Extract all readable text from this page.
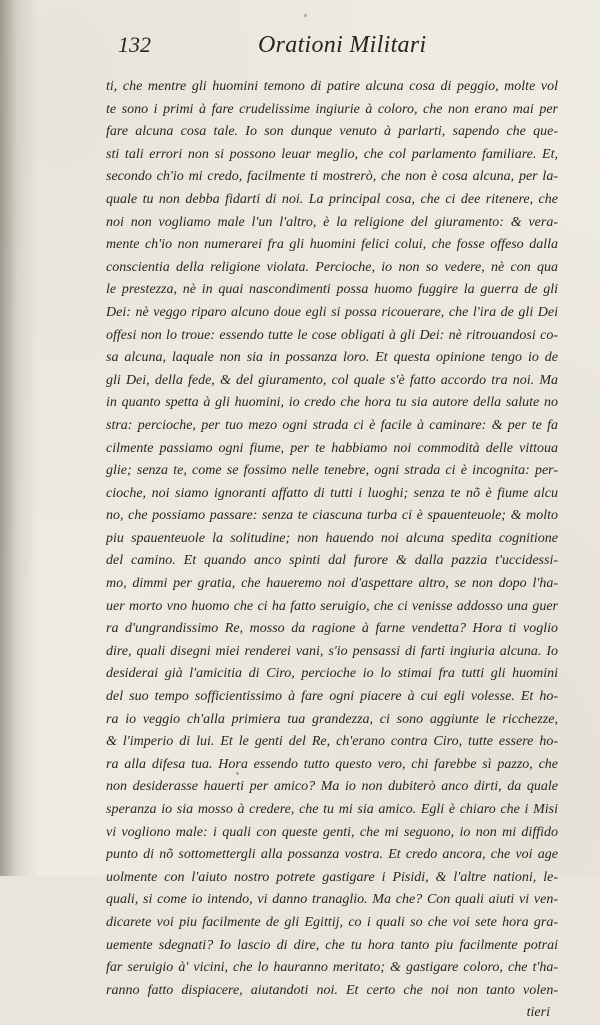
132	Orationi Militari
ti, che mentre gli huomini temono di patire alcuna cosa di peggio, molte vol
te sono i primi à fare crudelissime ingiurie à coloro, che non erano mai per
fare alcuna cosa tale. Io son dunque venuto à parlarti, sapendo che que-
sti tali errori non si possono leuar meglio, che col parlamento familiare. Et,
secondo ch'io mi credo, facilmente ti mostrerò, che non è cosa alcuna, per la-
quale tu non debba fidarti di noi. La principal cosa, che ci dee ritenere, che
noi non vogliamo male l'un l'altro, è la religione del giuramento: & vera-
mente ch'io non numerarei fra gli huomini felici colui, che fosse offeso dalla
conscientia della religione violata. Percioche, io non so vedere, nè con qua
le prestezza, nè in quai nascondimenti possa huomo fuggire la guerra de gli
Dei: nè veggo riparo alcuno doue egli si possa ricouerare, che l'ira de gli Dei
offesi non lo troue: essendo tutte le cose obligati à gli Dei: nè ritrouandosi co-
sa alcuna, laquale non sia in possanza loro. Et questa opinione tengo io de
gli Dei, della fede, & del giuramento, col quale s'è fatto accordo tra noi. Ma
in quanto spetta à gli huomini, io credo che hora tu sia autore della salute no
stra: percioche, per tuo mezo ogni strada ci è facile à caminare: & per te fa
cilmente passiamo ogni fiume, per te habbiamo noi commodità delle vittoua
glie; senza te, come se fossimo nelle tenebre, ogni strada ci è incognita: per-
cioche, noi siamo ignoranti affatto di tutti i luoghi; senza te nõ è fiume alcu
no, che possiamo passare: senza te ciascuna turba ci è spauenteuole; & molto
piu spauenteuole la solitudine; non hauendo noi alcuna spedita cognitione
del camino. Et quando anco spinti dal furore & dalla pazzia t'uccidessi-
mo, dimmi per gratia, che haueremo noi d'aspettare altro, se non dopo l'ha-
uer morto vno huomo che ci ha fatto seruigio, che ci venisse addosso una guer
ra d'ungrandissimo Re, mosso da ragione à farne vendetta? Hora ti voglio
dire, quali disegni miei renderei vani, s'io pensassi di farti ingiuria alcuna. Io
desiderai già l'amicitia di Ciro, percioche io lo stimai fra tutti gli huomini
del suo tempo sofficientissimo à fare ogni piacere à cui egli volesse. Et ho-
ra io veggio ch'alla primiera tua grandezza, ci sono aggiunte le ricchezze,
& l'imperio di lui. Et le genti del Re, ch'erano contra Ciro, tutte essere ho-
ra alla difesa tua. Hora essendo tutto questo vero, chi farebbe sì pazzo, che
non desiderasse hauerti per amico? Ma io non dubiterò anco dirti, da quale
speranza io sia mosso à credere, che tu mi sia amico. Egli è chiaro che i Misi
vi vogliono male: i quali con queste genti, che mi seguono, io non mi diffido
punto di nõ sottomettergli alla possanza vostra. Et credo ancora, che voi age
uolmente con l'aiuto nostro potrete gastigare i Pisidi, & l'altre nationi, le-
quali, si come io intendo, vi danno tranaglio. Ma che? Con quali aiuti vi ven-
dicarete voi piu facilmente de gli Egittij, co i quali so che voi sete hora gra-
uemente sdegnati? Io lascio di dire, che tu hora tanto piu facilmente potrai
far seruigio à' vicini, che lo hauranno meritato; & gastigare coloro, che t'ha-
ranno fatto dispiacere, aiutandoti noi. Et certo che noi non tanto volen-
tieri
